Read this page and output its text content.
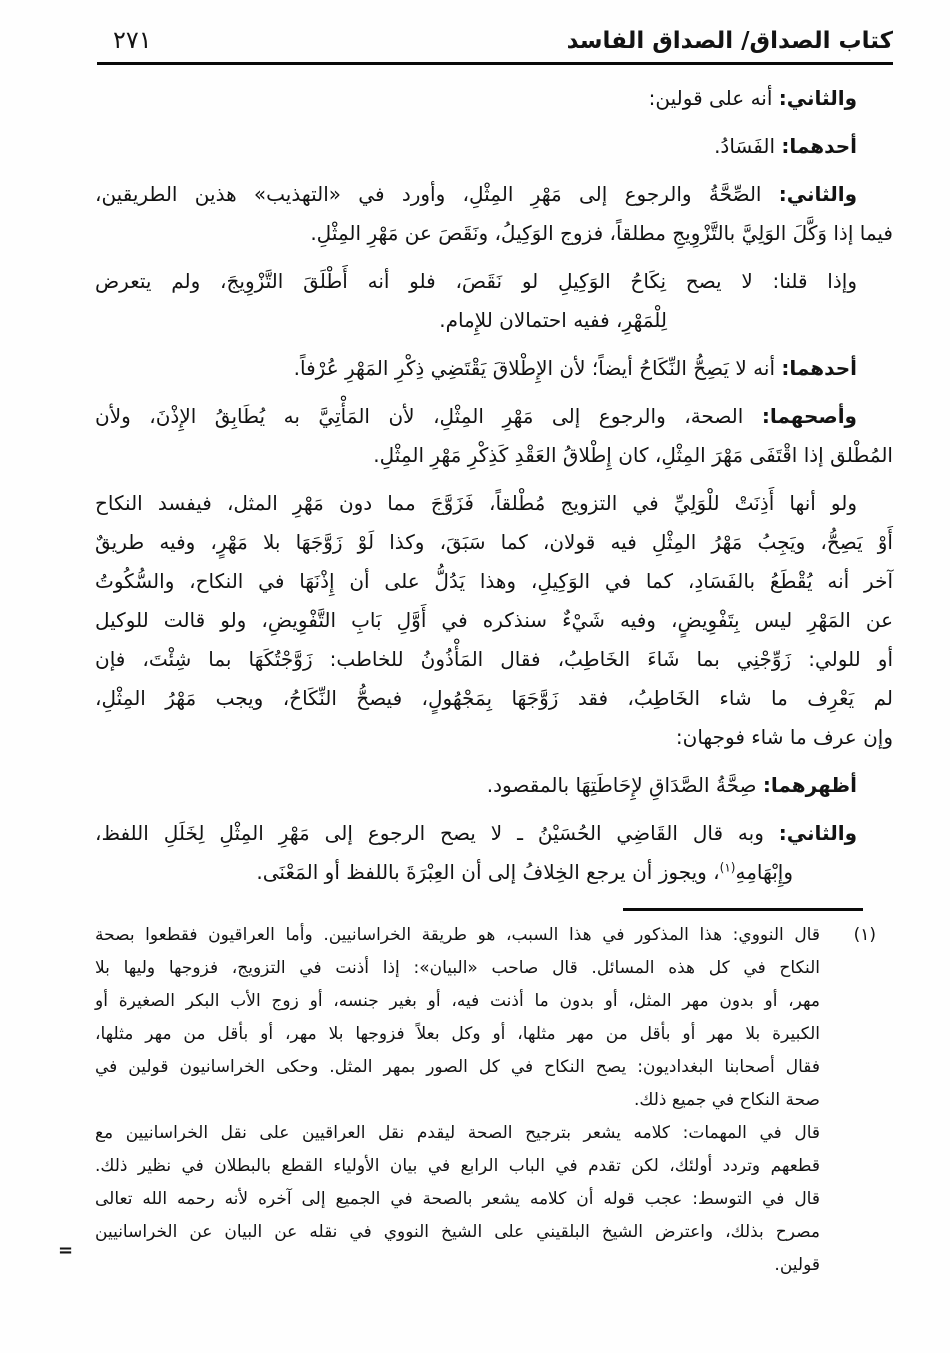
كتاب الصداق/ الصداق الفاسد
٢٧١
والثاني: أنه على قولين:
أحدهما: الفَسَادُ.
والثاني: الصِّحَّةُ والرجوع إلى مَهْرِ المِثْلِ، وأورد في «التهذيب» هذين الطريقين،
فيما إذا وَكَّلَ الوَلِيَّ بالتَّزْوِيجِ مطلقاً، فزوج الوَكِيلُ، ونَقَصَ عن مَهْرِ المِثْلِ.
وإذا قلنا: لا يصح نِكَاحُ الوَكِيلِ لو نَقَصَ، فلو أنه أَطْلَقَ التَّزْوِيجَ، ولم يتعرض
لِلْمَهْرِ، ففيه احتمالان للإِمام.
أحدهما: أنه لا يَصِحُّ النِّكَاحُ أيضاً؛ لأن الإِطْلاقَ يَقْتَضِي ذِكْرِ المَهْرِ عُرْفاً.
وأصحهما: الصحة، والرجوع إلى مَهْرِ المِثْلِ، لأن المَأْتِيَّ به يُطَابِقُ الإِذْنَ، ولأن
المُطْلق إذا اقْتَفَى مَهْرَ المِثْلِ، كان إِطْلاقُ العَقْدِ كَذِكْرِ مَهْرِ المِثْلِ.
ولو أنها أَذِنَتْ للْوَلِيِّ في التزويج مُطْلقاً، فَزَوَّجَ مما دون مَهْرِ المثل، فيفسد النكاح
أَوْ يَصِحُّ، ويَجِبُ مَهْرُ المِثْلِ فيه قولان، كما سَبَقَ، وكذا لَوْ زَوَّجَهَا بلا مَهْرٍ، وفيه طريقٌ
آخر أنه يُقْطَعُ بالفَسَادِ، كما في الوَكِيلِ، وهذا يَدُلُّ على أن إِذْنَهَا في النكاح، والسُّكُوتُ
عن المَهْرِ ليس بِتَفْوِيضٍ، وفيه شَيْءٌ سنذكره في أَوَّلِ بَابِ التَّفْوِيضِ، ولو قالت للوكيل
أو للولي: زَوِّجْنِي بما شَاءَ الخَاطِبُ، فقال المَأْذُونُ للخاطب: زَوَّجْتُكَهَا بما شِئْتَ، فإن
لم يَعْرِف ما شاء الخَاطِبُ، فقد زَوَّجَهَا بِمَجْهُولٍ، فيصحُّ النِّكَاحُ، ويجب مَهْرُ المِثْلِ،
وإن عرف ما شاء فوجهان:
أظهرهما: صِحَّةُ الصَّدَاقِ لإِحَاطَتِهَا بالمقصود.
والثاني: وبه قال القَاضِي الحُسَيْنُ ـ لا يصح الرجوع إلى مَهْرِ المِثْلِ لِخَلَلِ اللفظ،
وإِبْهَامِهِ$^{(١)}$، ويجوز أن يرجع الخِلافُ إلى أن العِبْرَةَ باللفظ أو المَعْنَى.
(١)
قال النووي: هذا المذكور في هذا السبب، هو طريقة الخراسانيين. وأما العراقيون فقطعوا بصحة
النكاح في كل هذه المسائل. قال صاحب «البيان»: إذا أذنت في التزويج، فزوجها وليها بلا
مهر، أو بدون مهر المثل، أو بدون ما أذنت فيه، أو بغير جنسه، أو زوج الأب البكر الصغيرة أو
الكبيرة بلا مهر أو بأقل من مهر مثلها، أو وكل بعلاً فزوجها بلا مهر، أو بأقل من مهر مثلها،
فقال أصحابنا البغداديون: يصح النكاح في كل الصور بمهر المثل. وحكى الخراسانيون قولين في
صحة النكاح في جميع ذلك.
قال في المهمات: كلامه يشعر بترجيح الصحة ليقدم نقل العراقيين على نقل الخراسانيين مع
قطعهم وتردد أولئك، لكن تقدم في الباب الرابع في بيان الأولياء القطع بالبطلان في نظير ذلك.
قال في التوسط: عجب قوله أن كلامه يشعر بالصحة في الجميع إلى آخره لأنه رحمه الله تعالى
مصرح بذلك، واعترض الشيخ البلقيني على الشيخ النووي في نقله عن البيان عن الخراسانيين
قولين.
=
